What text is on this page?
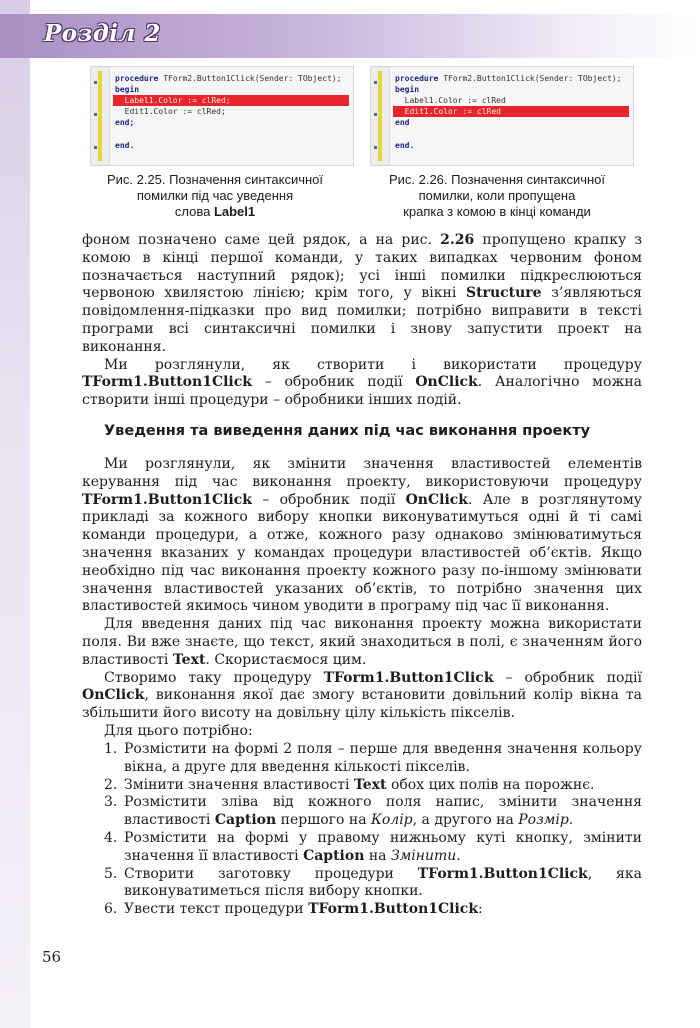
Розділ 2
procedure TForm2.Button1Click(Sender: TObject);
begin
Label1.Color := clRed;
Edit1.Color := clRed;
end;
end.
Рис. 2.25. Позначення синтаксичної
помилки під час уведення
слова Label1
procedure TForm2.Button1Click(Sender: TObject);
begin
Label1.Color := clRed
Edit1.Color := clRed
end
end.
Рис. 2.26. Позначення синтаксичної
помилки, коли пропущена
крапка з комою в кінці команди

фоном позначено саме цей рядок, а на рис. 2.26 пропущено крапку з комою в кінці першої команди, у таких випадках червоним фоном позначається наступний рядок); усі інші помилки підкреслюються червоною хвилястою лінією; крім того, у вікні Structure з’являються повідомлення-підказки про вид помилки; потрібно виправити в тексті програми всі синтаксичні помилки і знову запустити проект на виконання.

Ми розглянули, як створити і використати процедуру TForm1.Button1Click – обробник події OnClick. Аналогічно можна створити інші процедури – обробники інших подій.

Уведення та виведення даних під час виконання проекту

Ми розглянули, як змінити значення властивостей елементів керування під час виконання проекту, використовуючи процедуру TForm1.Button1Click – обробник події OnClick. Але в розглянутому прикладі за кожного вибору кнопки виконуватимуться одні й ті самі команди процедури, а отже, кожного разу однаково змінюватимуться значення вказаних у командах процедури властивостей об’єктів. Якщо необхідно під час виконання проекту кожного разу по-іншому змінювати значення властивостей указаних об’єктів, то потрібно значення цих властивостей якимось чином уводити в програму під час її виконання.

Для введення даних під час виконання проекту можна використати поля. Ви вже знаєте, що текст, який знаходиться в полі, є значенням його властивості Text. Скористаємося цим.

Створимо таку процедуру TForm1.Button1Click – обробник події OnClick, виконання якої дає змогу встановити довільний колір вікна та збільшити його висоту на довільну цілу кількість пікселів.

Для цього потрібно:

1. Розмістити на формі 2 поля – перше для введення значення кольору вікна, а друге для введення кількості пікселів.
2. Змінити значення властивості Text обох цих полів на порожнє.
3. Розмістити зліва від кожного поля напис, змінити значення властивості Caption першого на Колір, а другого на Розмір.
4. Розмістити на формі у правому нижньому куті кнопку, змінити значення її властивості Caption на Змінити.
5. Створити заготовку процедури TForm1.Button1Click, яка виконуватиметься після вибору кнопки.
6. Увести текст процедури TForm1.Button1Click:
56
